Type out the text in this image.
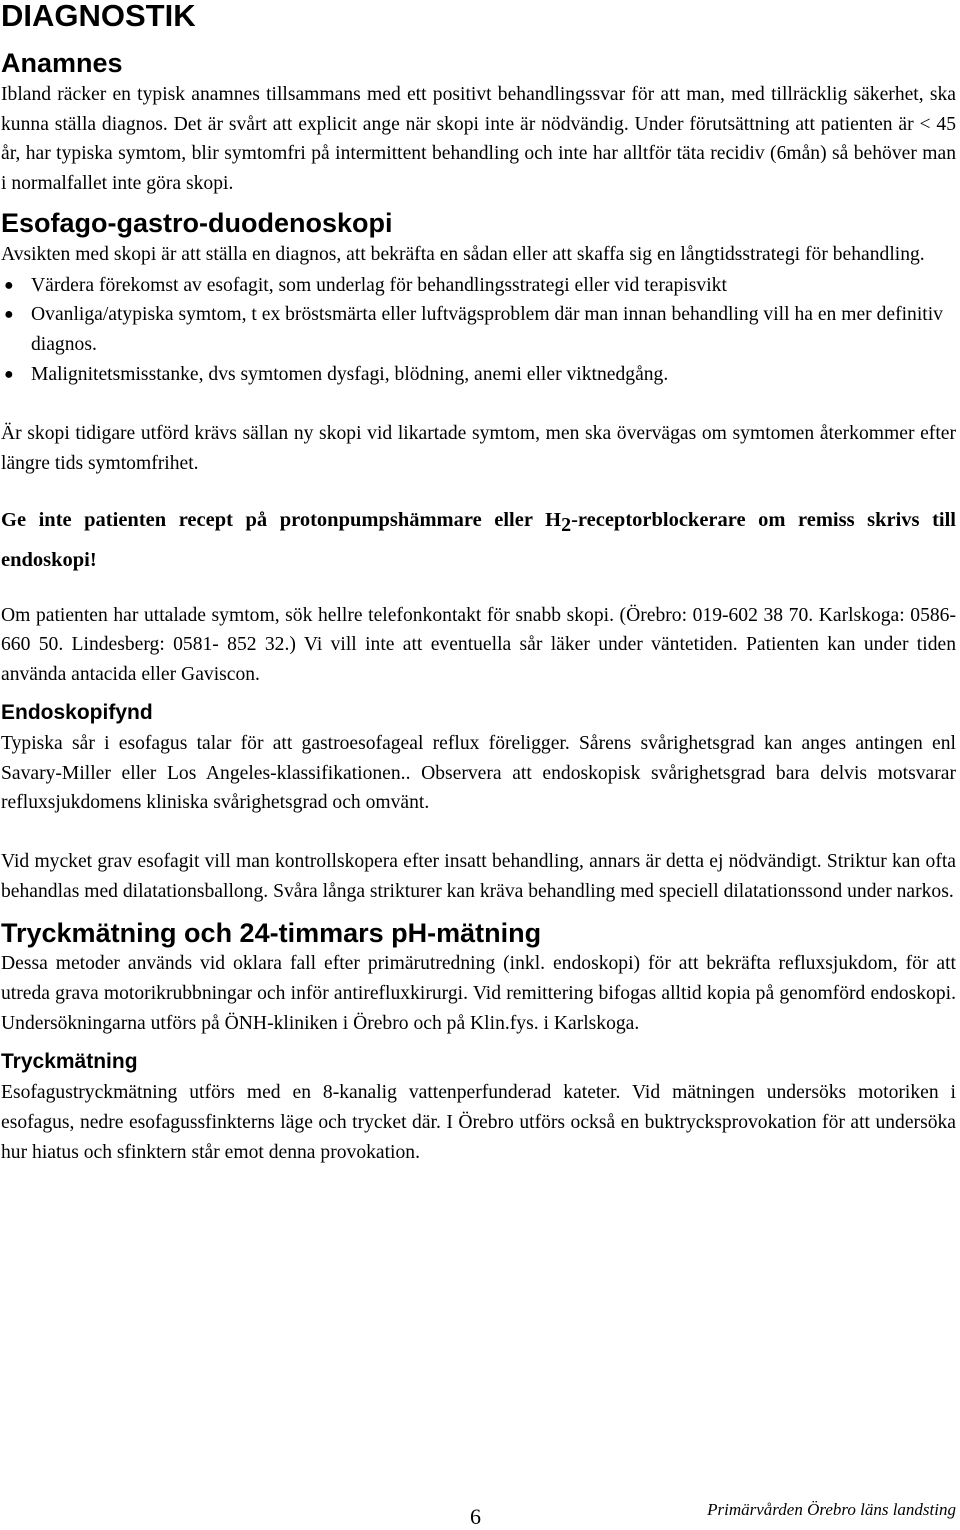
DIAGNOSTIK
Anamnes

Ibland räcker en typisk anamnes tillsammans med ett positivt behandlingssvar för att man, med tillräcklig säkerhet, ska kunna ställa diagnos. Det är svårt att explicit ange när skopi inte är nödvändig. Under förutsättning att patienten är < 45 år, har typiska symtom, blir symtomfri på intermittent behandling och inte har alltför täta recidiv (6mån) så behöver man i normalfallet inte göra skopi.

Esofago-gastro-duodenoskopi

Avsikten med skopi är att ställa en diagnos, att bekräfta en sådan eller att skaffa sig en långtidsstrategi för behandling.

● Värdera förekomst av esofagit, som underlag för behandlingsstrategi eller vid terapisvikt
● Ovanliga/atypiska symtom, t ex bröstsmärta eller luftvägsproblem där man innan behandling vill ha en mer definitiv diagnos.
● Malignitetsmisstanke, dvs symtomen dysfagi, blödning, anemi eller viktnedgång.

Är skopi tidigare utförd krävs sällan ny skopi vid likartade symtom, men ska övervägas om symtomen återkommer efter längre tids symtomfrihet.

Ge inte patienten recept på protonpumpshämmare eller H2-receptorblockerare om remiss skrivs till endoskopi!

Om patienten har uttalade symtom, sök hellre telefonkontakt för snabb skopi. (Örebro: 019-602 38 70. Karlskoga: 0586- 660 50. Lindesberg: 0581- 852 32.) Vi vill inte att eventuella sår läker under väntetiden. Patienten kan under tiden använda antacida eller Gaviscon.

Endoskopifynd

Typiska sår i esofagus talar för att gastroesofageal reflux föreligger. Sårens svårighetsgrad kan anges antingen enl Savary-Miller eller Los Angeles-klassifikationen.. Observera att endoskopisk svårighetsgrad bara delvis motsvarar refluxsjukdomens kliniska svårighetsgrad och omvänt.

Vid mycket grav esofagit vill man kontrollskopera efter insatt behandling, annars är detta ej nödvändigt. Striktur kan ofta behandlas med dilatationsballong. Svåra långa strikturer kan kräva behandling med speciell dilatationssond under narkos.

Tryckmätning och 24-timmars pH-mätning

Dessa metoder används vid oklara fall efter primärutredning (inkl. endoskopi) för att bekräfta refluxsjukdom, för att utreda grava motorikrubbningar och inför antirefluxkirurgi. Vid remittering bifogas alltid kopia på genomförd endoskopi. Undersökningarna utförs på ÖNH-kliniken i Örebro och på Klin.fys. i Karlskoga.

Tryckmätning

Esofagustryckmätning utförs med en 8-kanalig vattenperfunderad kateter. Vid mätningen undersöks motoriken i esofagus, nedre esofagussfinkterns läge och trycket där. I Örebro utförs också en buktrycksprovokation för att undersöka hur hiatus och sfinktern står emot denna provokation.

6	Primärvården Örebro läns landsting
